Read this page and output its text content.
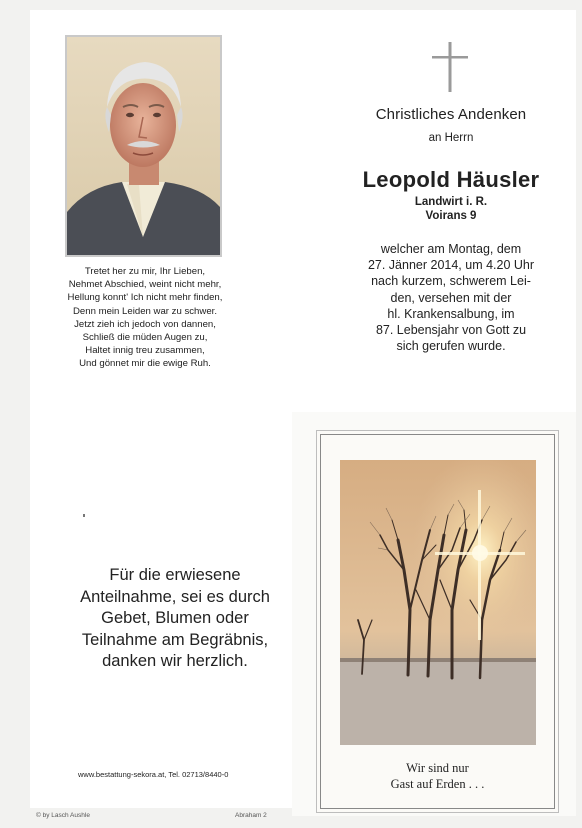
Tretet her zu mir, Ihr Lieben,
Nehmet Abschied, weint nicht mehr,
Hellung konnt' Ich nicht mehr finden,
Denn mein Leiden war zu schwer.
Jetzt zieh ich jedoch von dannen,
Schließ die müden Augen zu,
Haltet innig treu zusammen,
Und gönnet mir die ewige Ruh.
Christliches Andenken
an Herrn
Leopold Häusler
Landwirt i. R.
Voirans 9
welcher am Montag, dem
27. Jänner 2014, um 4.20 Uhr
nach kurzem, schwerem Lei-
den, versehen mit der
hl. Krankensalbung, im
87. Lebensjahr von Gott zu
sich gerufen wurde.
Für die erwiesene
Anteilnahme, sei es durch
Gebet, Blumen oder
Teilnahme am Begräbnis,
danken wir herzlich.
www.bestattung-sekora.at, Tel. 02713/8440-0
© by Lasch Aushle	Abraham 2
Wir sind nur
Gast auf Erden . . .
